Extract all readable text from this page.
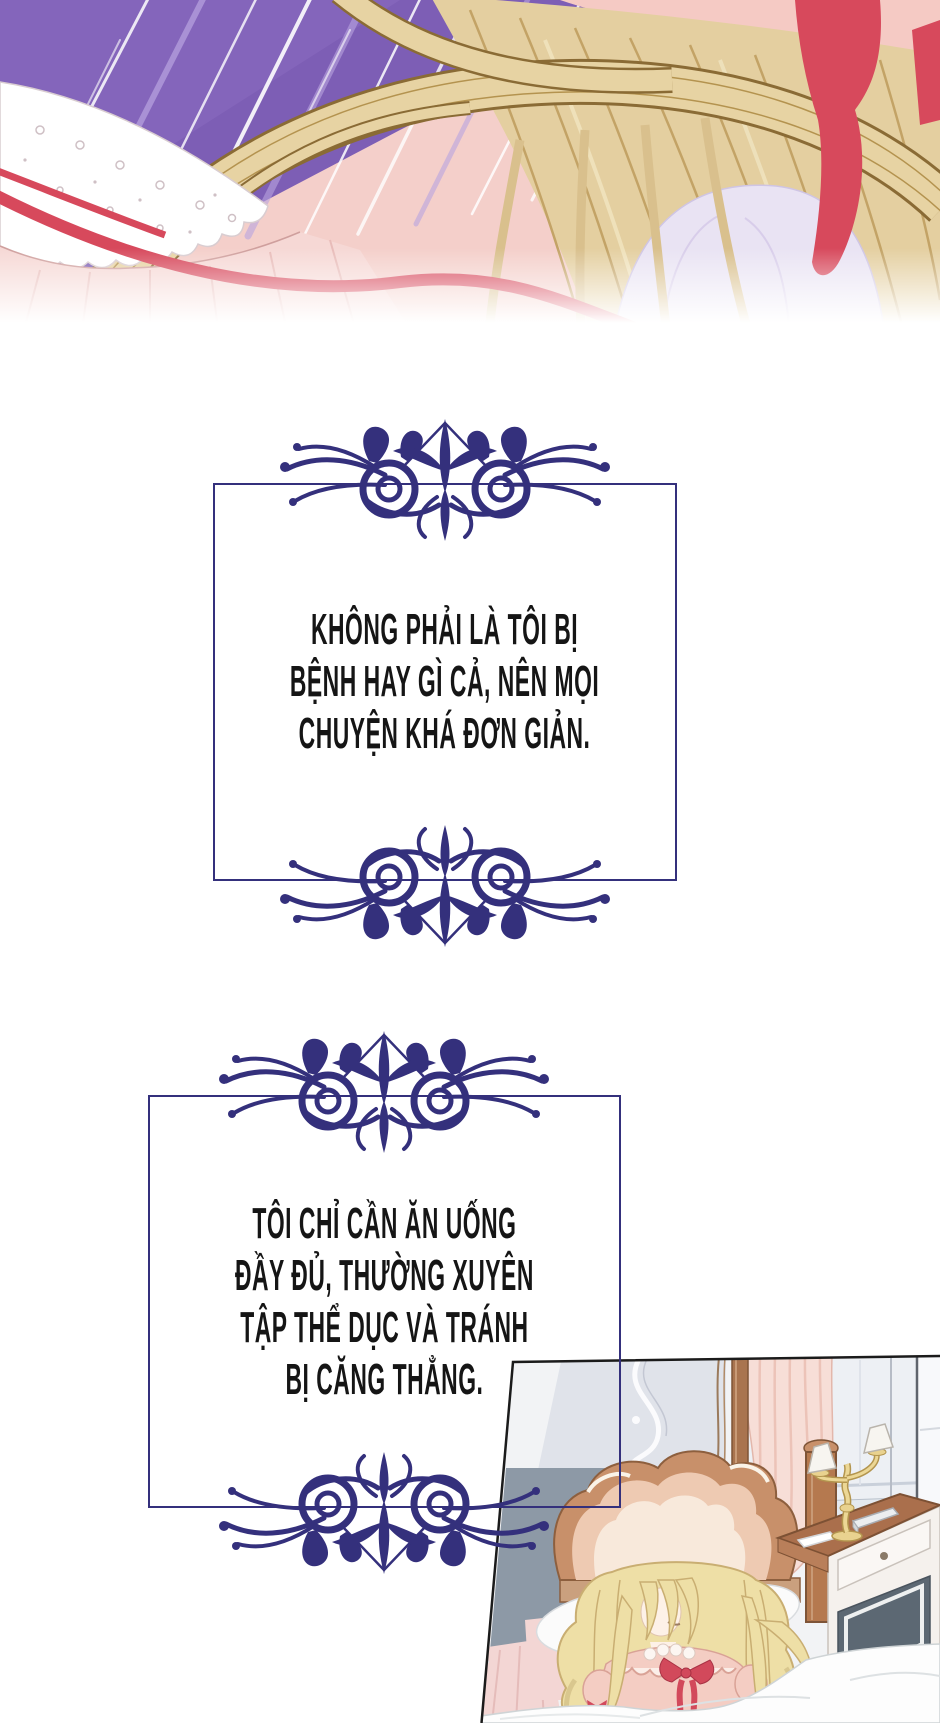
KHÔNG PHẢI LÀ TÔI BỊ
BỆNH HAY GÌ CẢ, NÊN MỌI
CHUYỆN KHÁ ĐƠN GIẢN.
TÔI CHỈ CẦN ĂN UỐNG
ĐẦY ĐỦ, THƯỜNG XUYÊN
TẬP THỂ DỤC VÀ TRÁNH
BỊ CĂNG THẲNG.
